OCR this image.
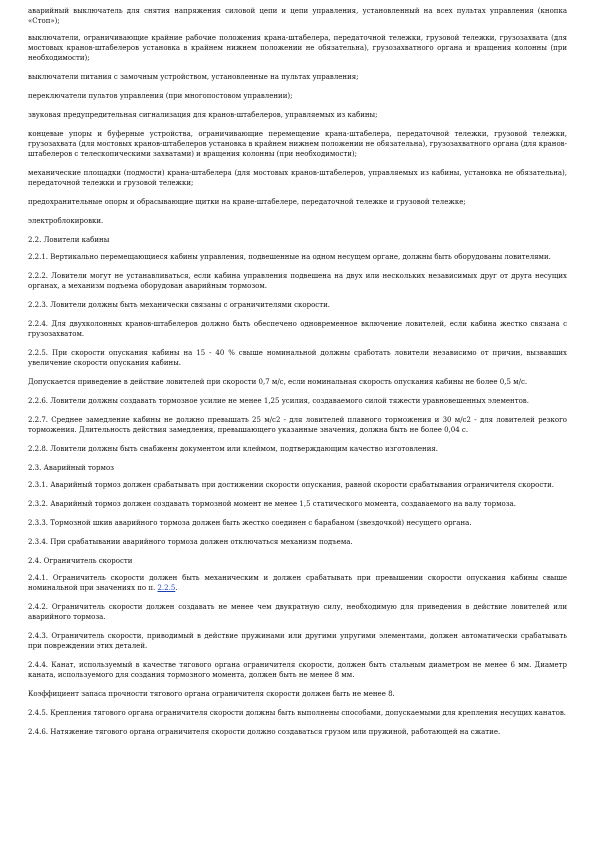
аварийный выключатель для снятия напряжения силовой цепи и цепи управления, установленный на всех пультах управления (кнопка «Стоп»);

выключатели, ограничивающие крайние рабочие положения крана-штабелера, передаточной тележки, грузовой тележки, грузозахвата (для мостовых кранов-штабелеров установка в крайнем нижнем положении не обязательна), грузозахватного органа и вращения колонны (при необходимости);

выключатели питания с замочным устройством, установленные на пультах управления;

переключатели пультов управления (при многопостовом управлении);

звуковая предупредительная сигнализация для кранов-штабелеров, управляемых из кабины;

концевые упоры и буферные устройства, ограничивающие перемещение крана-штабелера, передаточной тележки, грузовой тележки, грузозахвата (для мостовых кранов-штабелеров установка в крайнем нижнем положении не обязательна), грузозахватного органа (для кранов-штабелеров с телескопическими захватами) и вращения колонны (при необходимости);

механические площадки (подмости) крана-штабелера (для мостовых кранов-штабелеров, управляемых из кабины, установка не обязательна), передаточной тележки и грузовой тележки;

предохранительные опоры и обрасывающие щитки на кране-штабелере, передаточной тележке и грузовой тележке;

электроблокировки.

2.2. Ловители кабины

2.2.1. Вертикально перемещающиеся кабины управления, подвешенные на одном несущем органе, должны быть оборудованы ловителями.

2.2.2. Ловители могут не устанавливаться, если кабина управления подвешена на двух или нескольких независимых друг от друга несущих органах, а механизм подъема оборудован аварийным тормозом.

2.2.3. Ловители должны быть механически связаны с ограничителями скорости.

2.2.4. Для двухколонных кранов-штабелеров должно быть обеспечено одновременное включение ловителей, если кабина жестко связана с грузозахватом.

2.2.5. При скорости опускания кабины на 15 - 40 % свыше номинальной должны сработать ловители независимо от причин, вызвавших увеличение скорости опускания кабины.

Допускается приведение в действие ловителей при скорости 0,7 м/с, если номинальная скорость опускания кабины не более 0,5 м/с.

2.2.6. Ловители должны создавать тормозное усилие не менее 1,25 усилия, создаваемого силой тяжести уравновешенных элементов.

2.2.7. Среднее замедление кабины не должно превышать 25 м/с2 - для ловителей плавного торможения и 30 м/с2 - для ловителей резкого торможения. Длительность действия замедления, превышающего указанные значения, должна быть не более 0,04 с.

2.2.8. Ловители должны быть снабжены документом или клеймом, подтверждающим качество изготовления.

2.3. Аварийный тормоз

2.3.1. Аварийный тормоз должен срабатывать при достижении скорости опускания, равной скорости срабатывания ограничителя скорости.

2.3.2. Аварийный тормоз должен создавать тормозной момент не менее 1,5 статического момента, создаваемого на валу тормоза.

2.3.3. Тормозной шкив аварийного тормоза должен быть жестко соединен с барабаном (звездочкой) несущего органа.

2.3.4. При срабатывании аварийного тормоза должен отключаться механизм подъема.

2.4. Ограничитель скорости

2.4.1. Ограничитель скорости должен быть механическим и должен срабатывать при превышении скорости опускания кабины свыше номинальной при значениях по п. 2.2.5.

2.4.2. Ограничитель скорости должен создавать не менее чем двукратную силу, необходимую для приведения в действие ловителей или аварийного тормоза.

2.4.3. Ограничитель скорости, приводимый в действие пружинами или другими упругими элементами, должен автоматически срабатывать при повреждении этих деталей.

2.4.4. Канат, используемый в качестве тягового органа ограничителя скорости, должен быть стальным диаметром не менее 6 мм. Диаметр каната, используемого для создания тормозного момента, должен быть не менее 8 мм.

Коэффициент запаса прочности тягового органа ограничителя скорости должен быть не менее 8.

2.4.5. Крепления тягового органа ограничителя скорости должны быть выполнены способами, допускаемыми для крепления несущих канатов.

2.4.6. Натяжение тягового органа ограничителя скорости должно создаваться грузом или пружиной, работающей на сжатие.
